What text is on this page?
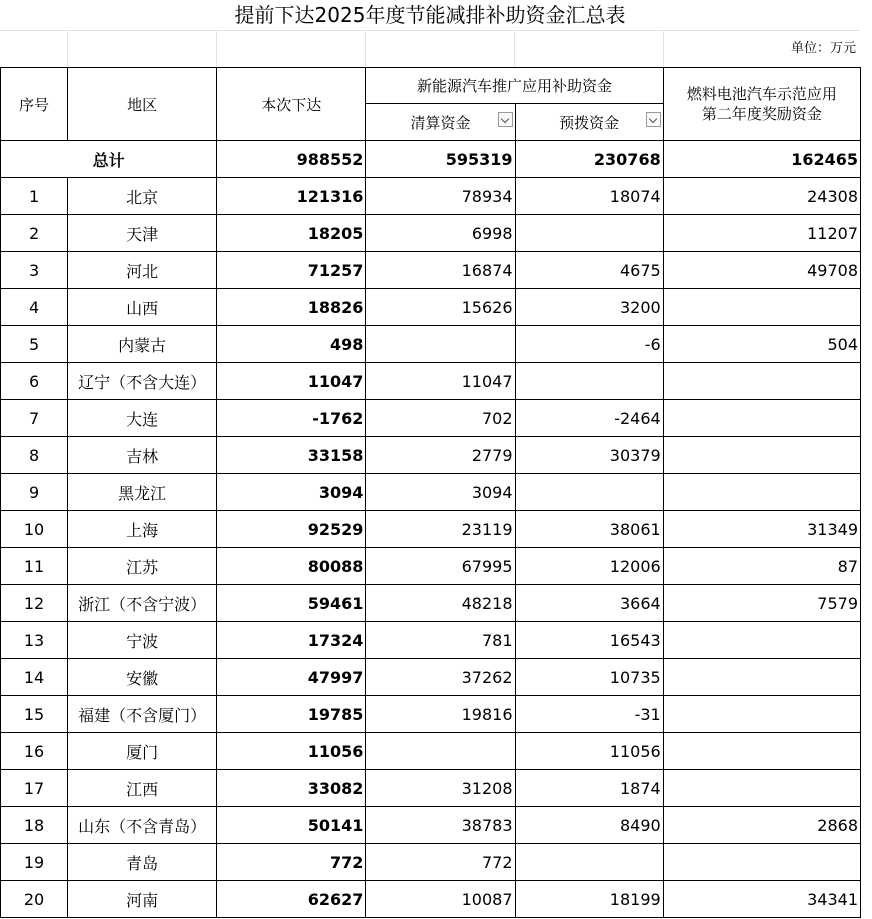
提前下达2025年度节能减排补助资金汇总表
单位：万元
序号	地区	本次下达	新能源汽车推广应用补助资金		燃料电池汽车示范应用
第二年度奖励资金

			清算资金	预拨资金	

总计		988552	595319	230768	162465
1	北京	121316	78934	18074	24308
2	天津	18205	6998		11207
3	河北	71257	16874	4675	49708
4	山西	18826	15626	3200	
5	内蒙古	498		-6	504
6	辽宁（不含大连）	11047	11047		
7	大连	-1762	702	-2464	
8	吉林	33158	2779	30379	
9	黑龙江	3094	3094		
10	上海	92529	23119	38061	31349
11	江苏	80088	67995	12006	87
12	浙江（不含宁波）	59461	48218	3664	7579
13	宁波	17324	781	16543	
14	安徽	47997	37262	10735	
15	福建（不含厦门）	19785	19816	-31	
16	厦门	11056		11056	
17	江西	33082	31208	1874	
18	山东（不含青岛）	50141	38783	8490	2868
19	青岛	772	772		
20	河南	62627	10087	18199	34341
